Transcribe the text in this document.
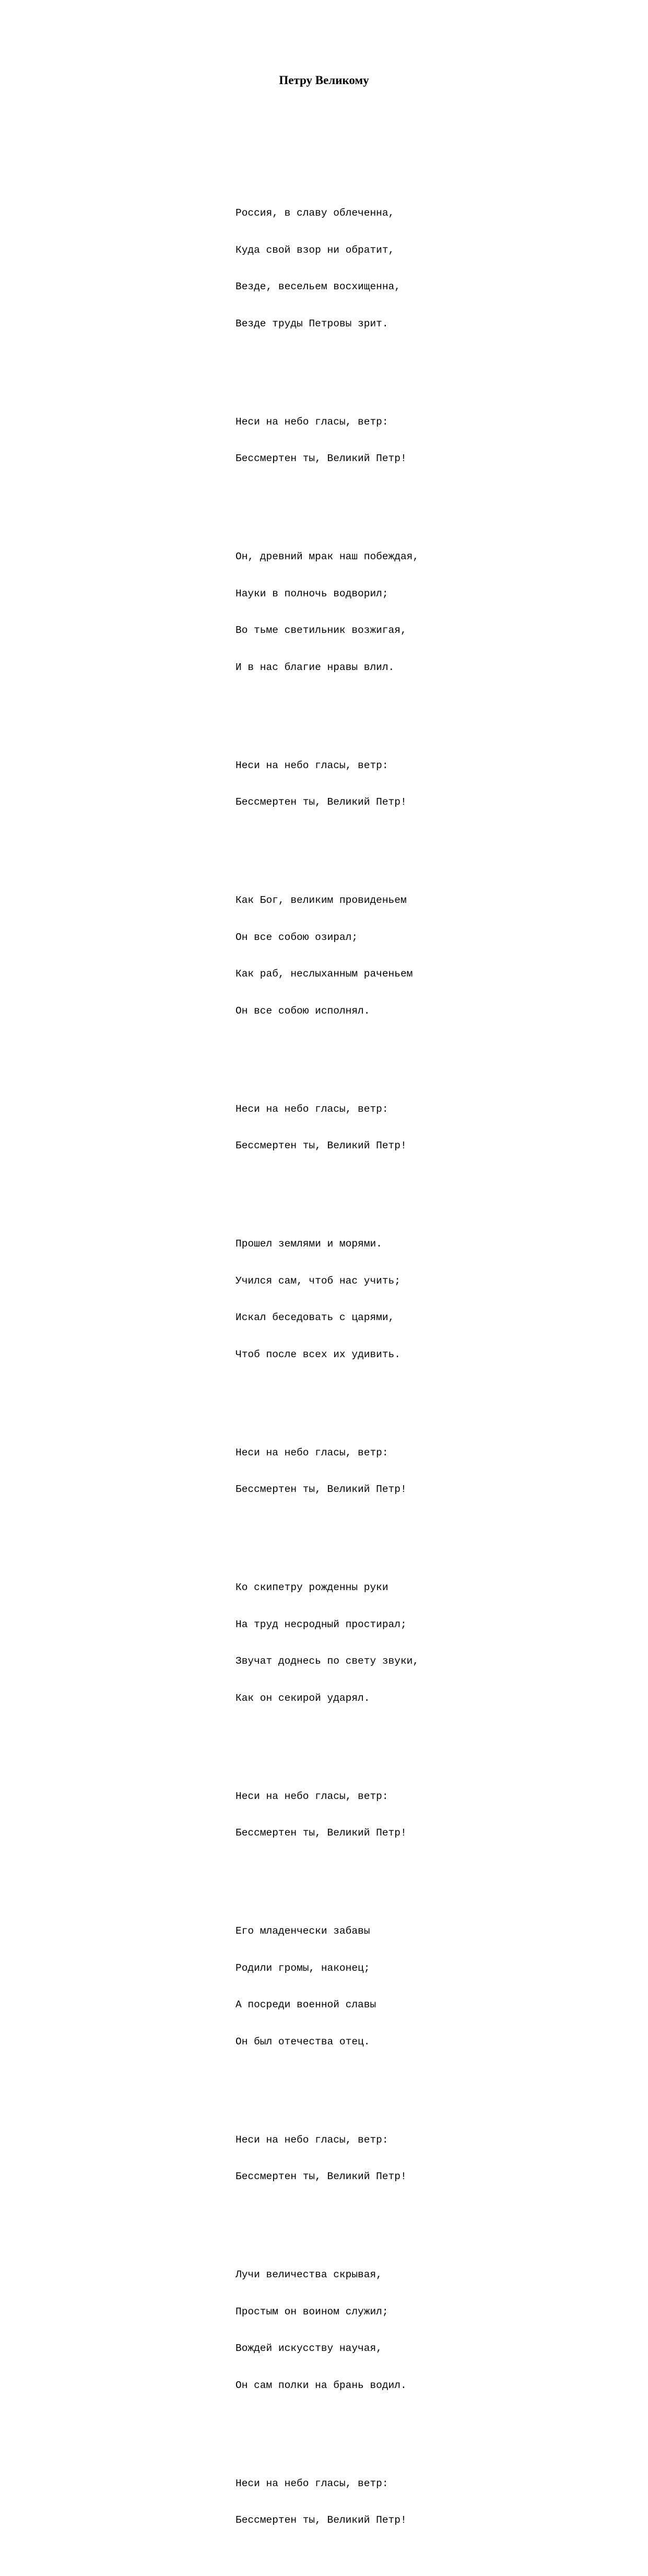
Петру Великому

Россия, в славу облеченна,

Куда свой взор ни обратит,

Везде, весельем восхищенна,

Везде труды Петровы зрит.

Неси на небо гласы, ветр:

Бессмертен ты, Великий Петр!

Он, древний мрак наш побеждая,

Науки в полночь водворил;

Во тьме светильник возжигая,

И в нас благие нравы влил.

Неси на небо гласы, ветр:

Бессмертен ты, Великий Петр!

Как Бог, великим провиденьем

Он все собою озирал;

Как раб, неслыханным раченьем

Он все собою исполнял.

Неси на небо гласы, ветр:

Бессмертен ты, Великий Петр!

Прошел землями и морями.

Учился сам, чтоб нас учить;

Искал беседовать с царями,

Чтоб после всех их удивить.

Неси на небо гласы, ветр:

Бессмертен ты, Великий Петр!

Ко скипетру рожденны руки

На труд несродный простирал;

Звучат доднесь по свету звуки,

Как он секирой ударял.

Неси на небо гласы, ветр:

Бессмертен ты, Великий Петр!

Его младенчески забавы

Родили громы, наконец;

А посреди военной славы

Он был отечества отец.

Неси на небо гласы, ветр:

Бессмертен ты, Великий Петр!

Лучи величества скрывая,

Простым он воином служил;

Вождей искусству научая,

Он сам полки на брань водил.

Неси на небо гласы, ветр:

Бессмертен ты, Великий Петр!
